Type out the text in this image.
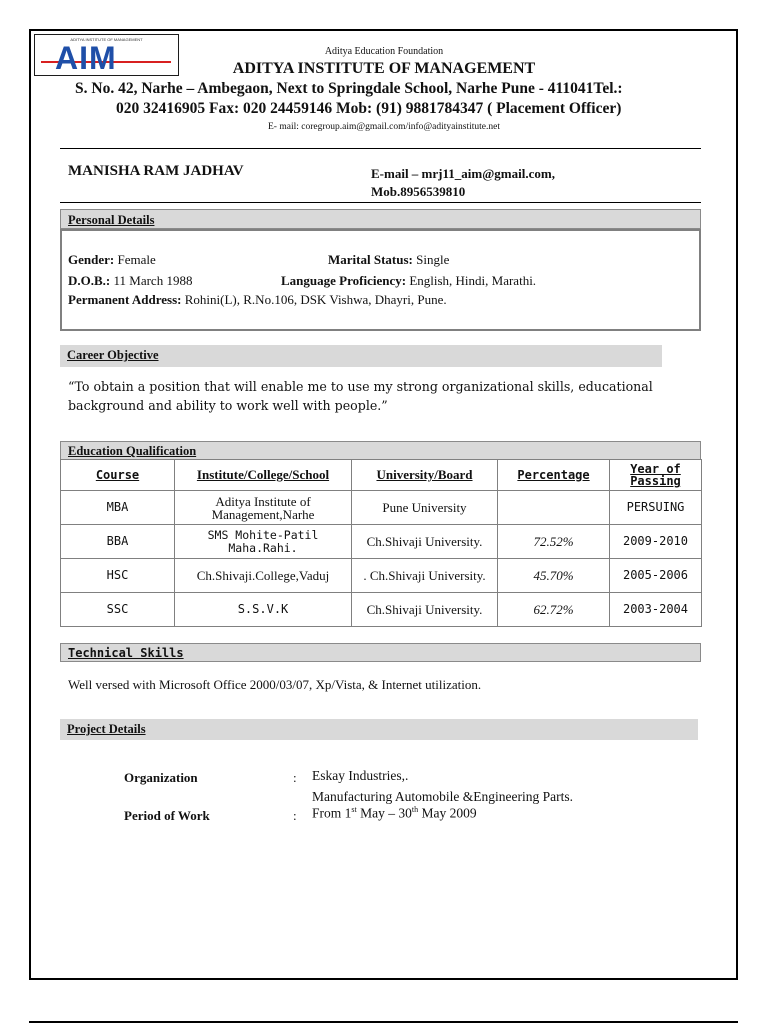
ADITYA INSTITUTE OF MANAGEMENT
AIM	Aditya Education Foundation
ADITYA INSTITUTE OF MANAGEMENT
S. No. 42, Narhe – Ambegaon, Next to Springdale School, Narhe Pune - 411041Tel.:
020 32416905 Fax: 020 24459146 Mob: (91) 9881784347 ( Placement Officer)
E- mail: coregroup.aim@gmail.com/info@adityainstitute.net
MANISHA RAM JADHAV	E-mail – mrj11_aim@gmail.com,
Mob.8956539810
Personal Details
Gender: Female	Marital Status: Single
D.O.B.: 11 March 1988	Language Proficiency: English, Hindi, Marathi.
Permanent Address: Rohini(L), R.No.106, DSK Vishwa, Dhayri, Pune.
Career Objective
“To obtain a position that will enable me to use my strong organizational skills, educational background and ability to work well with people.”
Education Qualification
Course	Institute/College/School	University/Board	Percentage	Year of Passing
MBA	Aditya Institute of Management,Narhe	Pune University		PERSUING
BBA	SMS Mohite-Patil Maha.Rahi.	Ch.Shivaji University.	72.52%	2009-2010
HSC	Ch.Shivaji.College,Vaduj	. Ch.Shivaji University.	45.70%	2005-2006
SSC	S.S.V.K	Ch.Shivaji University.	62.72%	2003-2004
Technical Skills
Well versed with Microsoft Office 2000/03/07, Xp/Vista, & Internet utilization.
Project Details
Organization	: Eskay Industries,.
Manufacturing Automobile &Engineering Parts.
Period of Work	: From 1st May – 30th May 2009
